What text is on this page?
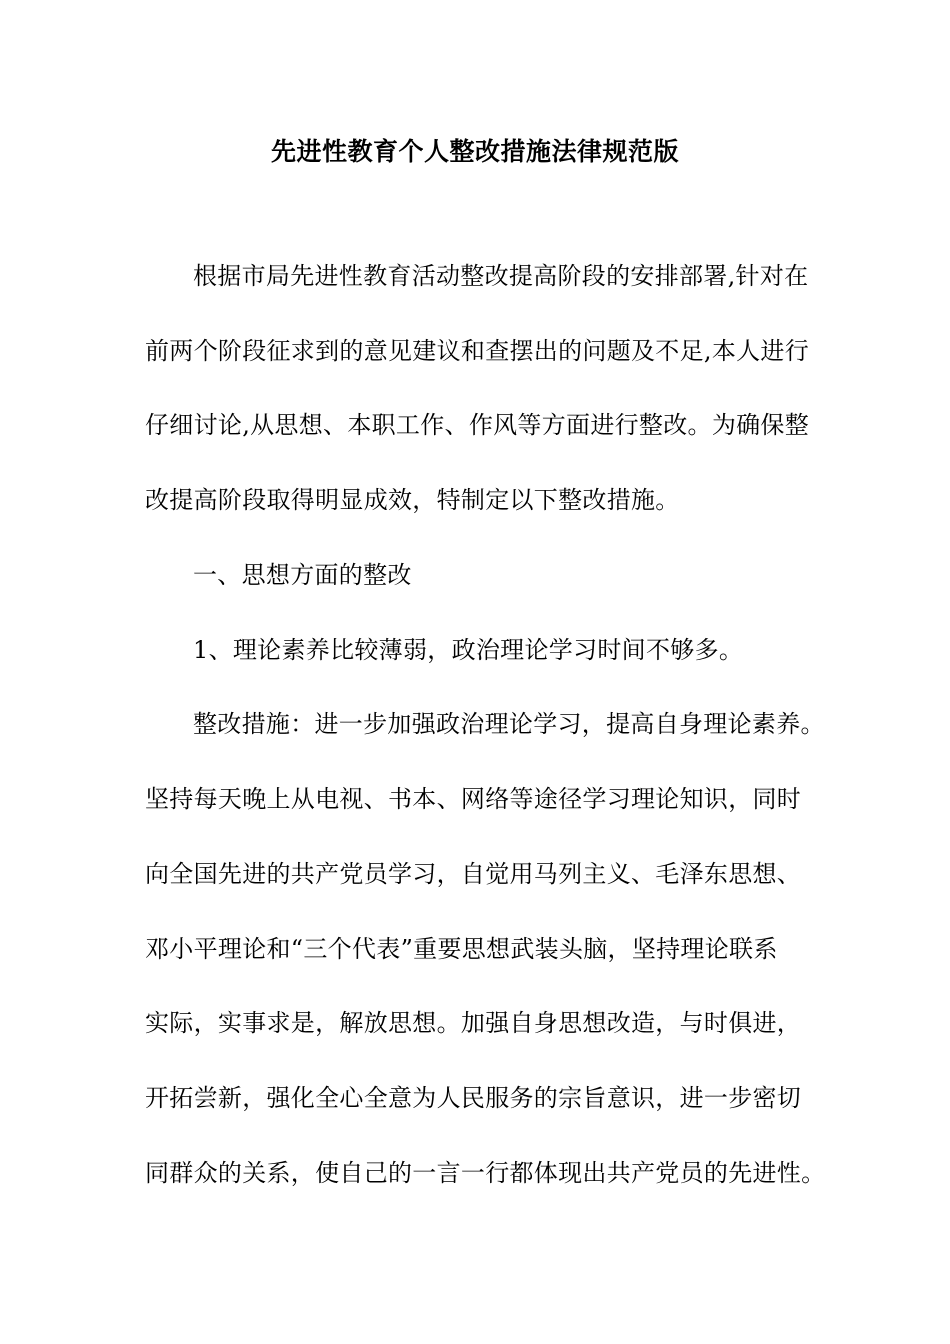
先进性教育个人整改措施法律规范版
根据市局先进性教育活动整改提高阶段的安排部署,针对在
前两个阶段征求到的意见建议和查摆出的问题及不足,本人进行
仔细讨论,从思想、本职工作、作风等方面进行整改。为确保整
改提高阶段取得明显成效，特制定以下整改措施。
一、思想方面的整改
1、理论素养比较薄弱，政治理论学习时间不够多。
整改措施：进一步加强政治理论学习，提高自身理论素养。
坚持每天晚上从电视、书本、网络等途径学习理论知识，同时
向全国先进的共产党员学习，自觉用马列主义、毛泽东思想、
邓小平理论和“三个代表”重要思想武装头脑，坚持理论联系
实际，实事求是，解放思想。加强自身思想改造，与时俱进，
开拓尝新，强化全心全意为人民服务的宗旨意识，进一步密切
同群众的关系，使自己的一言一行都体现出共产党员的先进性。
